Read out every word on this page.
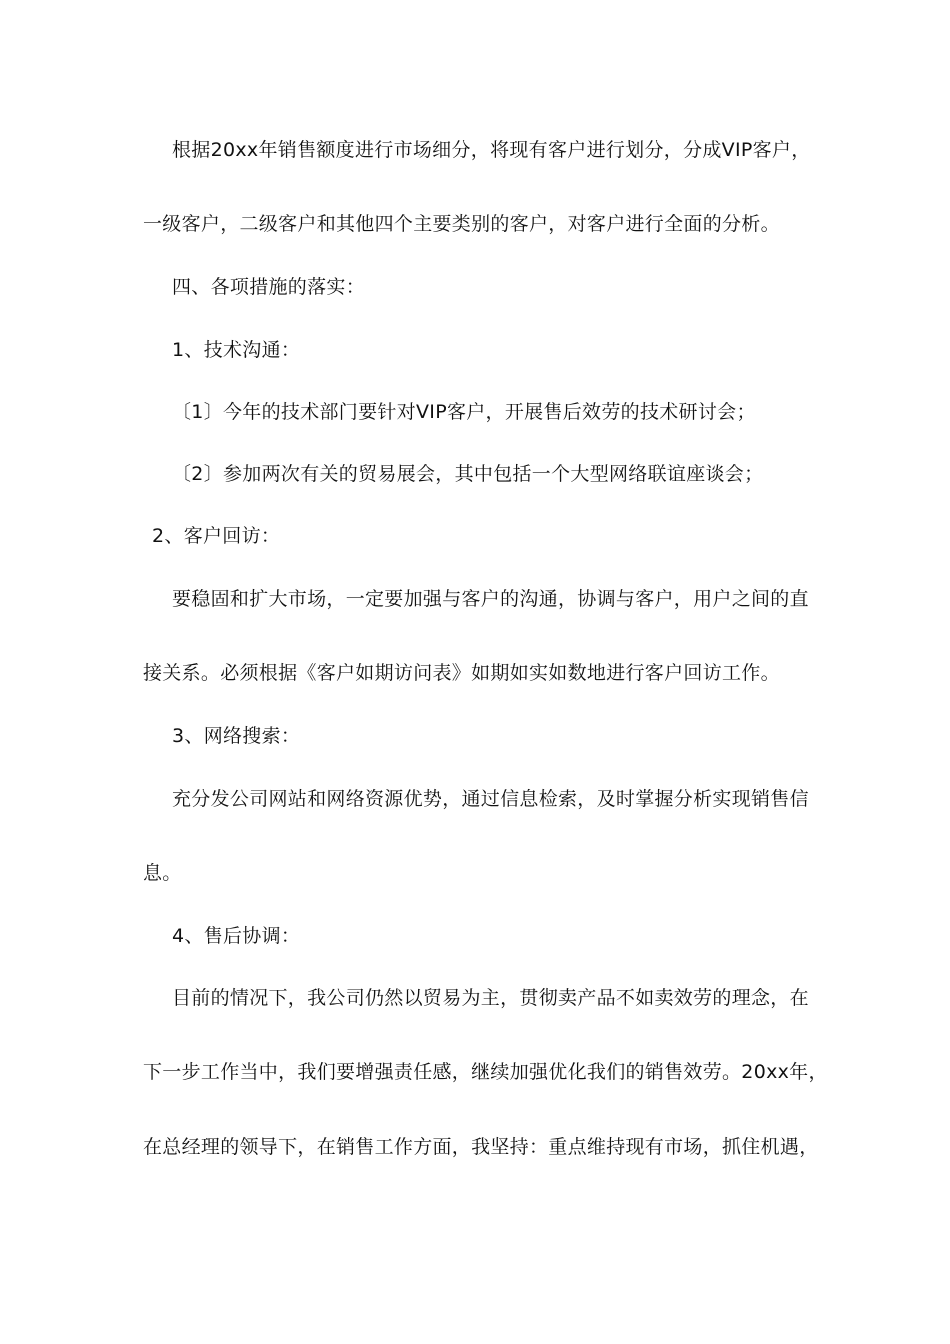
根据20xx年销售额度进行市场细分，将现有客户进行划分，分成VIP客户，
一级客户，二级客户和其他四个主要类别的客户，对客户进行全面的分析。
四、各项措施的落实：
1、技术沟通：
〔1〕今年的技术部门要针对VIP客户，开展售后效劳的技术研讨会；
〔2〕参加两次有关的贸易展会，其中包括一个大型网络联谊座谈会；
2、客户回访：
要稳固和扩大市场，一定要加强与客户的沟通，协调与客户，用户之间的直
接关系。必须根据《客户如期访问表》如期如实如数地进行客户回访工作。
3、网络搜索：
充分发公司网站和网络资源优势，通过信息检索，及时掌握分析实现销售信
息。
4、售后协调：
目前的情况下，我公司仍然以贸易为主，贯彻卖产品不如卖效劳的理念，在
下一步工作当中，我们要增强责任感，继续加强优化我们的销售效劳。20xx年，
在总经理的领导下，在销售工作方面，我坚持：重点维持现有市场，抓住机遇，
